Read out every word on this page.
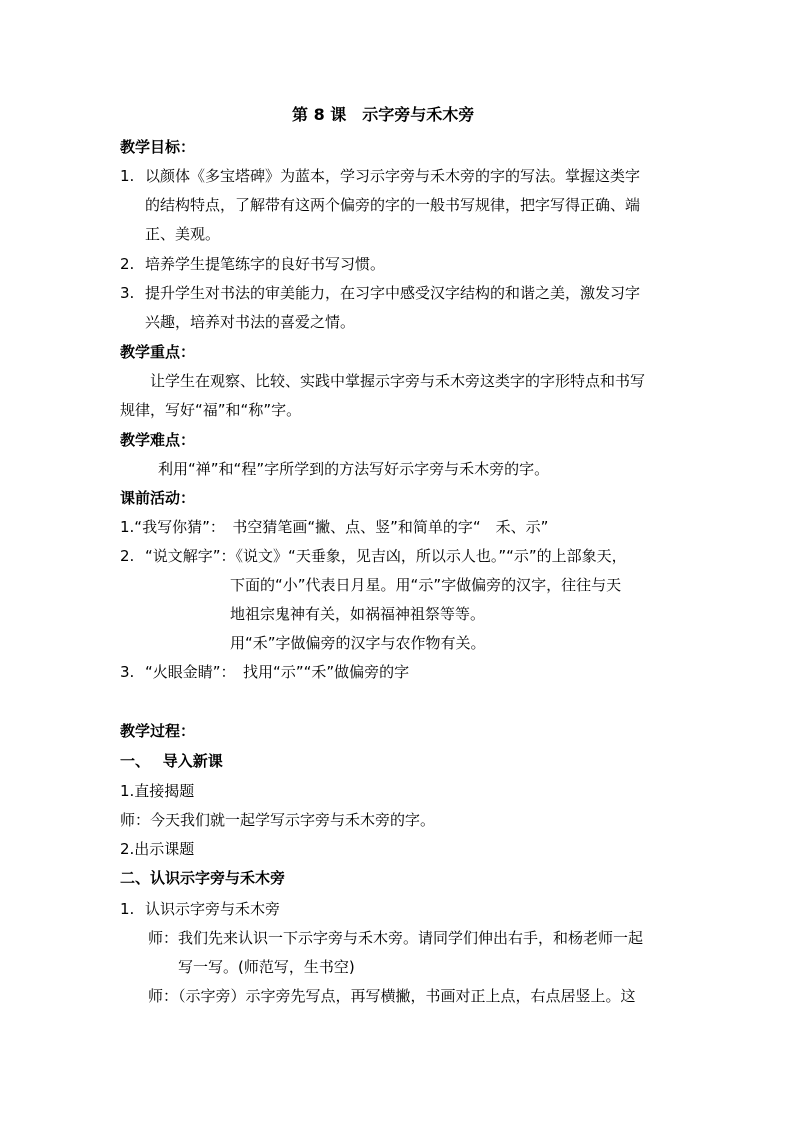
第 8 课　示字旁与禾木旁
教学目标：
1. 以颜体《多宝塔碑》为蓝本，学习示字旁与禾木旁的字的写法。掌握这类字
的结构特点，了解带有这两个偏旁的字的一般书写规律，把字写得正确、端
正、美观。
2. 培养学生提笔练字的良好书写习惯。
3. 提升学生对书法的审美能力，在习字中感受汉字结构的和谐之美，激发习字
兴趣，培养对书法的喜爱之情。
教学重点：
让学生在观察、比较、实践中掌握示字旁与禾木旁这类字的字形特点和书写
规律，写好“福”和“称”字。
教学难点：
利用“禅”和“程”字所学到的方法写好示字旁与禾木旁的字。
课前活动：
1.“我写你猜”：　书空猜笔画“撇、点、竖”和简单的字“　禾、示”
2. “说文解字”：《说文》“天垂象，见吉凶，所以示人也。”“示”的上部象天，
下面的“小”代表日月星。用“示”字做偏旁的汉字，往往与天
地祖宗鬼神有关，如祸福神祖祭等等。
用“禾”字做偏旁的汉字与农作物有关。
3. “火眼金睛”：　找用“示”“禾”做偏旁的字
教学过程：
一、　 导入新课
1.直接揭题
师：今天我们就一起学写示字旁与禾木旁的字。
2.出示课题
二、认识示字旁与禾木旁
1. 认识示字旁与禾木旁
师：我们先来认识一下示字旁与禾木旁。请同学们伸出右手，和杨老师一起
写一写。(师范写，生书空)
师：（示字旁）示字旁先写点，再写横撇，书画对正上点，右点居竖上。这
